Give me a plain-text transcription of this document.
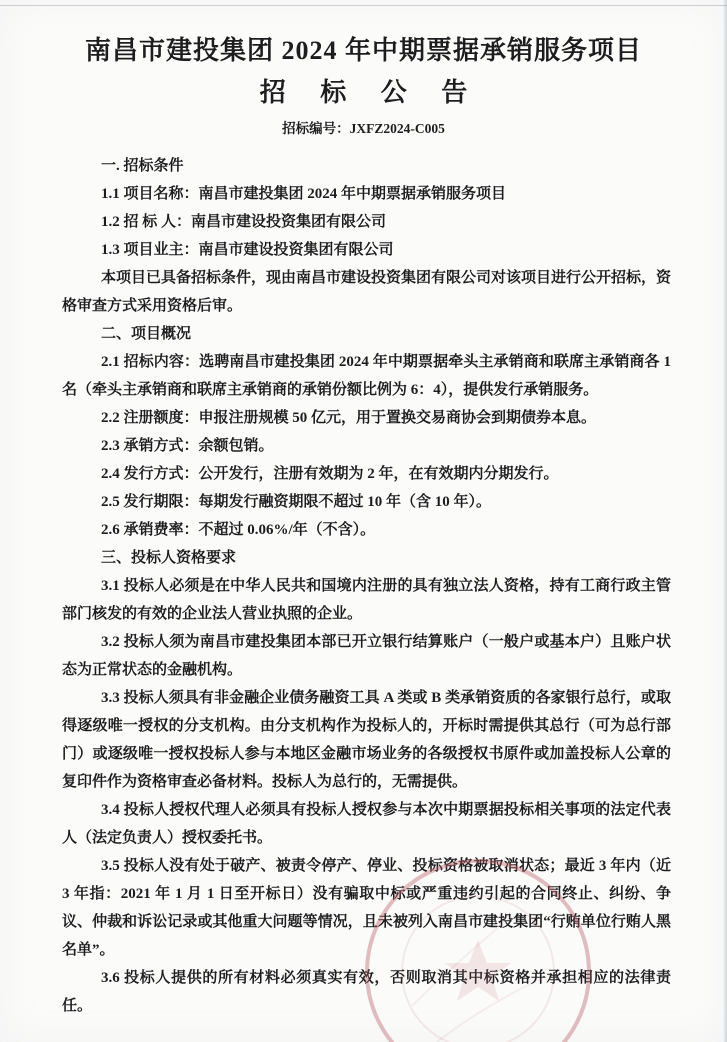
南昌市建投集团 2024 年中期票据承销服务项目
招 标 公 告
招标编号：JXFZ2024-C005
一. 招标条件

1.1 项目名称：南昌市建投集团 2024 年中期票据承销服务项目

1.2 招 标 人：南昌市建设投资集团有限公司

1.3 项目业主：南昌市建设投资集团有限公司

本项目已具备招标条件，现由南昌市建设投资集团有限公司对该项目进行公开招标，资格审查方式采用资格后审。

二、项目概况

2.1 招标内容：选聘南昌市建投集团 2024 年中期票据牵头主承销商和联席主承销商各 1 名（牵头主承销商和联席主承销商的承销份额比例为 6：4），提供发行承销服务。

2.2 注册额度：申报注册规模 50 亿元，用于置换交易商协会到期债券本息。

2.3 承销方式：余额包销。

2.4 发行方式：公开发行，注册有效期为 2 年，在有效期内分期发行。

2.5 发行期限：每期发行融资期限不超过 10 年（含 10 年）。

2.6 承销费率：不超过 0.06%/年（不含）。

三、投标人资格要求

3.1 投标人必须是在中华人民共和国境内注册的具有独立法人资格，持有工商行政主管部门核发的有效的企业法人营业执照的企业。

3.2 投标人须为南昌市建投集团本部已开立银行结算账户（一般户或基本户）且账户状态为正常状态的金融机构。

3.3 投标人须具有非金融企业债务融资工具 A 类或 B 类承销资质的各家银行总行，或取得逐级唯一授权的分支机构。由分支机构作为投标人的，开标时需提供其总行（可为总行部门）或逐级唯一授权投标人参与本地区金融市场业务的各级授权书原件或加盖投标人公章的复印件作为资格审查必备材料。投标人为总行的，无需提供。

3.4 投标人授权代理人必须具有投标人授权参与本次中期票据投标相关事项的法定代表人（法定负责人）授权委托书。

3.5 投标人没有处于破产、被责令停产、停业、投标资格被取消状态；最近 3 年内（近 3 年指：2021 年 1 月 1 日至开标日）没有骗取中标或严重违约引起的合同终止、纠纷、争议、仲裁和诉讼记录或其他重大问题等情况，且未被列入南昌市建投集团“行贿单位行贿人黑名单”。

3.6 投标人提供的所有材料必须真实有效，否则取消其中标资格并承担相应的法律责任。
